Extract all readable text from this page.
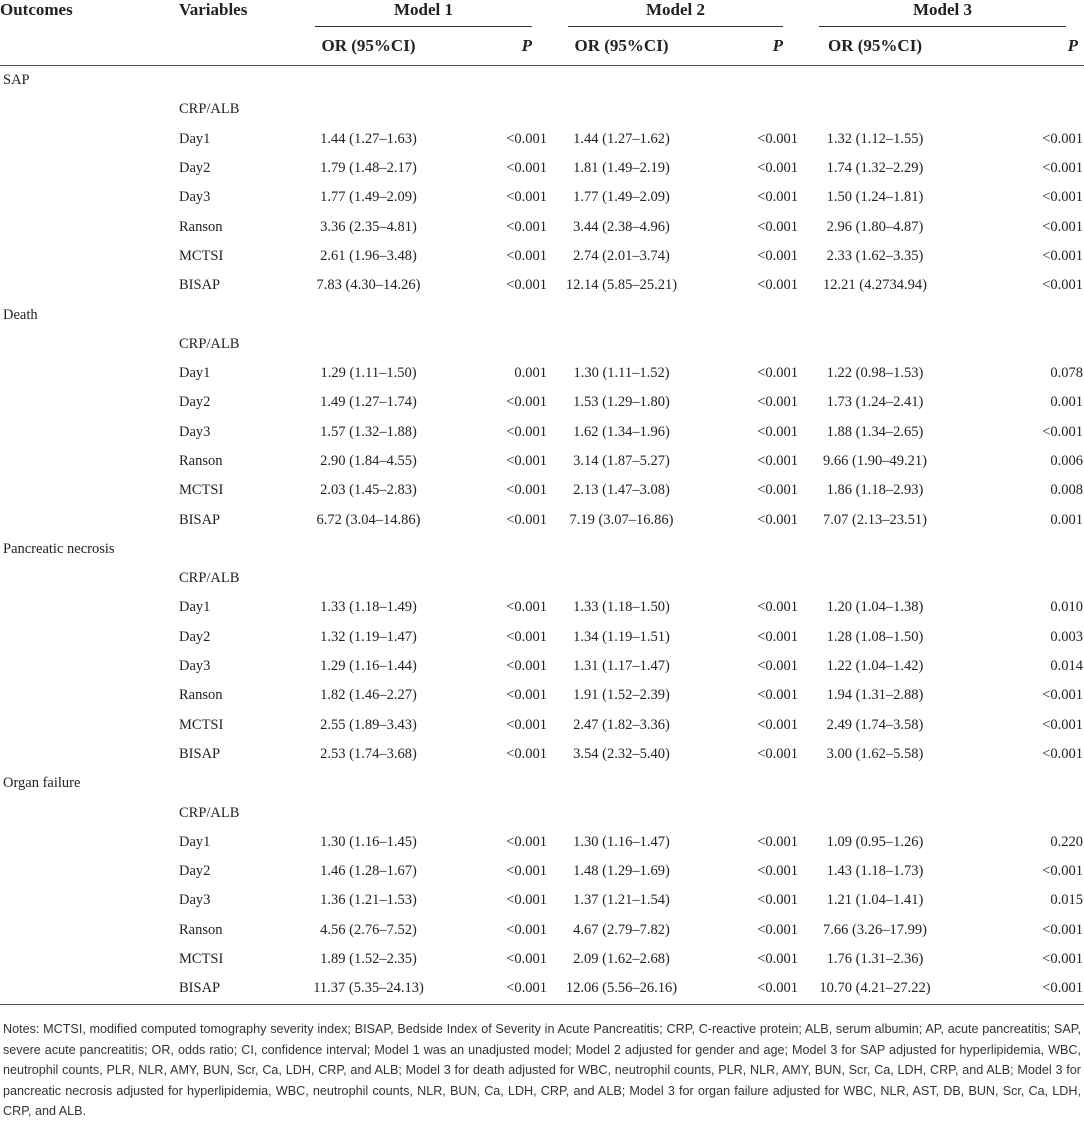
Outcomes	Variables	Model 1		Model 2		Model 3	

		OR (95%CI)	P	OR (95%CI)	P	OR (95%CI)	P
SAP							
	CRP/ALB						
	Day1	1.44 (1.27–1.63)	<0.001	1.44 (1.27–1.62)	<0.001	1.32 (1.12–1.55)	<0.001
	Day2	1.79 (1.48–2.17)	<0.001	1.81 (1.49–2.19)	<0.001	1.74 (1.32–2.29)	<0.001
	Day3	1.77 (1.49–2.09)	<0.001	1.77 (1.49–2.09)	<0.001	1.50 (1.24–1.81)	<0.001
	Ranson	3.36 (2.35–4.81)	<0.001	3.44 (2.38–4.96)	<0.001	2.96 (1.80–4.87)	<0.001
	MCTSI	2.61 (1.96–3.48)	<0.001	2.74 (2.01–3.74)	<0.001	2.33 (1.62–3.35)	<0.001
	BISAP	7.83 (4.30–14.26)	<0.001	12.14 (5.85–25.21)	<0.001	12.21 (4.2734.94)	<0.001
Death							
	CRP/ALB						
	Day1	1.29 (1.11–1.50)	0.001	1.30 (1.11–1.52)	<0.001	1.22 (0.98–1.53)	0.078
	Day2	1.49 (1.27–1.74)	<0.001	1.53 (1.29–1.80)	<0.001	1.73 (1.24–2.41)	0.001
	Day3	1.57 (1.32–1.88)	<0.001	1.62 (1.34–1.96)	<0.001	1.88 (1.34–2.65)	<0.001
	Ranson	2.90 (1.84–4.55)	<0.001	3.14 (1.87–5.27)	<0.001	9.66 (1.90–49.21)	0.006
	MCTSI	2.03 (1.45–2.83)	<0.001	2.13 (1.47–3.08)	<0.001	1.86 (1.18–2.93)	0.008
	BISAP	6.72 (3.04–14.86)	<0.001	7.19 (3.07–16.86)	<0.001	7.07 (2.13–23.51)	0.001
Pancreatic necrosis							
	CRP/ALB						
	Day1	1.33 (1.18–1.49)	<0.001	1.33 (1.18–1.50)	<0.001	1.20 (1.04–1.38)	0.010
	Day2	1.32 (1.19–1.47)	<0.001	1.34 (1.19–1.51)	<0.001	1.28 (1.08–1.50)	0.003
	Day3	1.29 (1.16–1.44)	<0.001	1.31 (1.17–1.47)	<0.001	1.22 (1.04–1.42)	0.014
	Ranson	1.82 (1.46–2.27)	<0.001	1.91 (1.52–2.39)	<0.001	1.94 (1.31–2.88)	<0.001
	MCTSI	2.55 (1.89–3.43)	<0.001	2.47 (1.82–3.36)	<0.001	2.49 (1.74–3.58)	<0.001
	BISAP	2.53 (1.74–3.68)	<0.001	3.54 (2.32–5.40)	<0.001	3.00 (1.62–5.58)	<0.001
Organ failure							
	CRP/ALB						
	Day1	1.30 (1.16–1.45)	<0.001	1.30 (1.16–1.47)	<0.001	1.09 (0.95–1.26)	0.220
	Day2	1.46 (1.28–1.67)	<0.001	1.48 (1.29–1.69)	<0.001	1.43 (1.18–1.73)	<0.001
	Day3	1.36 (1.21–1.53)	<0.001	1.37 (1.21–1.54)	<0.001	1.21 (1.04–1.41)	0.015
	Ranson	4.56 (2.76–7.52)	<0.001	4.67 (2.79–7.82)	<0.001	7.66 (3.26–17.99)	<0.001
	MCTSI	1.89 (1.52–2.35)	<0.001	2.09 (1.62–2.68)	<0.001	1.76 (1.31–2.36)	<0.001
	BISAP	11.37 (5.35–24.13)	<0.001	12.06 (5.56–26.16)	<0.001	10.70 (4.21–27.22)	<0.001
Notes: MCTSI, modified computed tomography severity index; BISAP, Bedside Index of Severity in Acute Pancreatitis; CRP, C-reactive protein; ALB, serum albumin; AP, acute pancreatitis; SAP, severe acute pancreatitis; OR, odds ratio; CI, confidence interval; Model 1 was an unadjusted model; Model 2 adjusted for gender and age; Model 3 for SAP adjusted for hyperlipidemia, WBC, neutrophil counts, PLR, NLR, AMY, BUN, Scr, Ca, LDH, CRP, and ALB; Model 3 for death adjusted for WBC, neutrophil counts, PLR, NLR, AMY, BUN, Scr, Ca, LDH, CRP, and ALB; Model 3 for pancreatic necrosis adjusted for hyperlipidemia, WBC, neutrophil counts, NLR, BUN, Ca, LDH, CRP, and ALB; Model 3 for organ failure adjusted for WBC, NLR, AST, DB, BUN, Scr, Ca, LDH, CRP, and ALB.
